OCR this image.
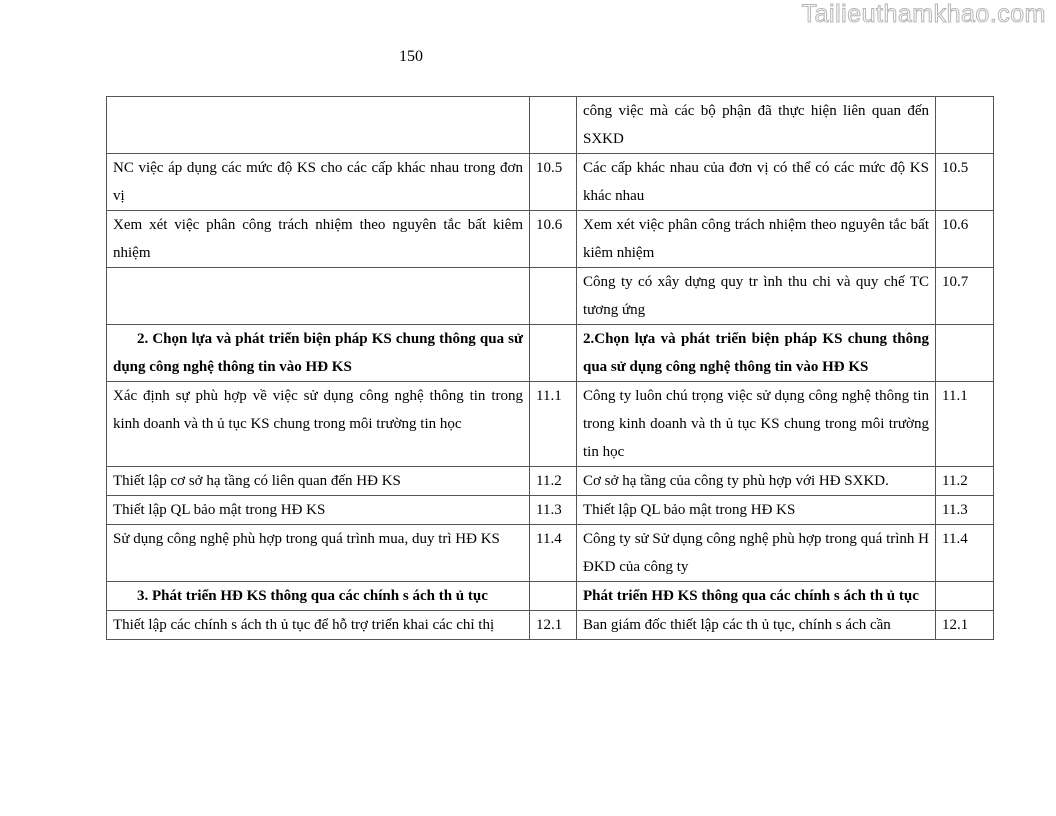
Tailieuthamkhao.com
150
		công việc mà các bộ phận đã thực hiện liên quan đến SXKD	
NC việc áp dụng các mức độ KS cho các cấp khác nhau trong đơn vị	10.5	Các cấp khác nhau của đơn vị có thể có các mức độ KS khác nhau	10.5
Xem xét việc phân công trách nhiệm theo nguyên tắc bất kiêm nhiệm	10.6	Xem xét việc phân công trách nhiệm theo nguyên tắc bất kiêm nhiệm	10.6
		Công ty có xây dựng quy tr ình thu chi và quy chế TC tương ứng	10.7
2. Chọn lựa và phát triển biện pháp KS chung thông qua sử dụng công nghệ thông tin vào HĐ KS		2.Chọn lựa và phát triển biện pháp KS chung thông qua sử dụng công nghệ thông tin vào HĐ KS	
Xác định sự phù hợp về việc sử dụng công nghệ thông tin trong kinh doanh và th ủ tục KS chung trong môi trường tin học	11.1	Công ty luôn chú trọng việc sử dụng công nghệ thông tin trong kinh doanh và th ủ tục KS chung trong môi trường tin học	11.1
Thiết lập cơ sở hạ tầng có liên quan đến HĐ KS	11.2	Cơ sở hạ tầng của công ty phù hợp với HĐ SXKD.	11.2
Thiết lập QL bảo mật trong HĐ KS	11.3	Thiết lập QL bảo mật trong HĐ KS	11.3
Sử dụng công nghệ phù hợp trong quá trình mua, duy trì HĐ KS	11.4	Công ty sử Sử dụng công nghệ phù hợp trong quá trình H ĐKD của công ty	11.4
3. Phát triển HĐ KS thông qua các chính s ách th ủ tục		Phát triển HĐ KS thông qua các chính s ách th ủ tục	
Thiết lập các chính s ách th ủ tục để hỗ trợ triển khai các chỉ thị	12.1	Ban giám đốc thiết lập các th ủ tục, chính s ách cần	12.1
